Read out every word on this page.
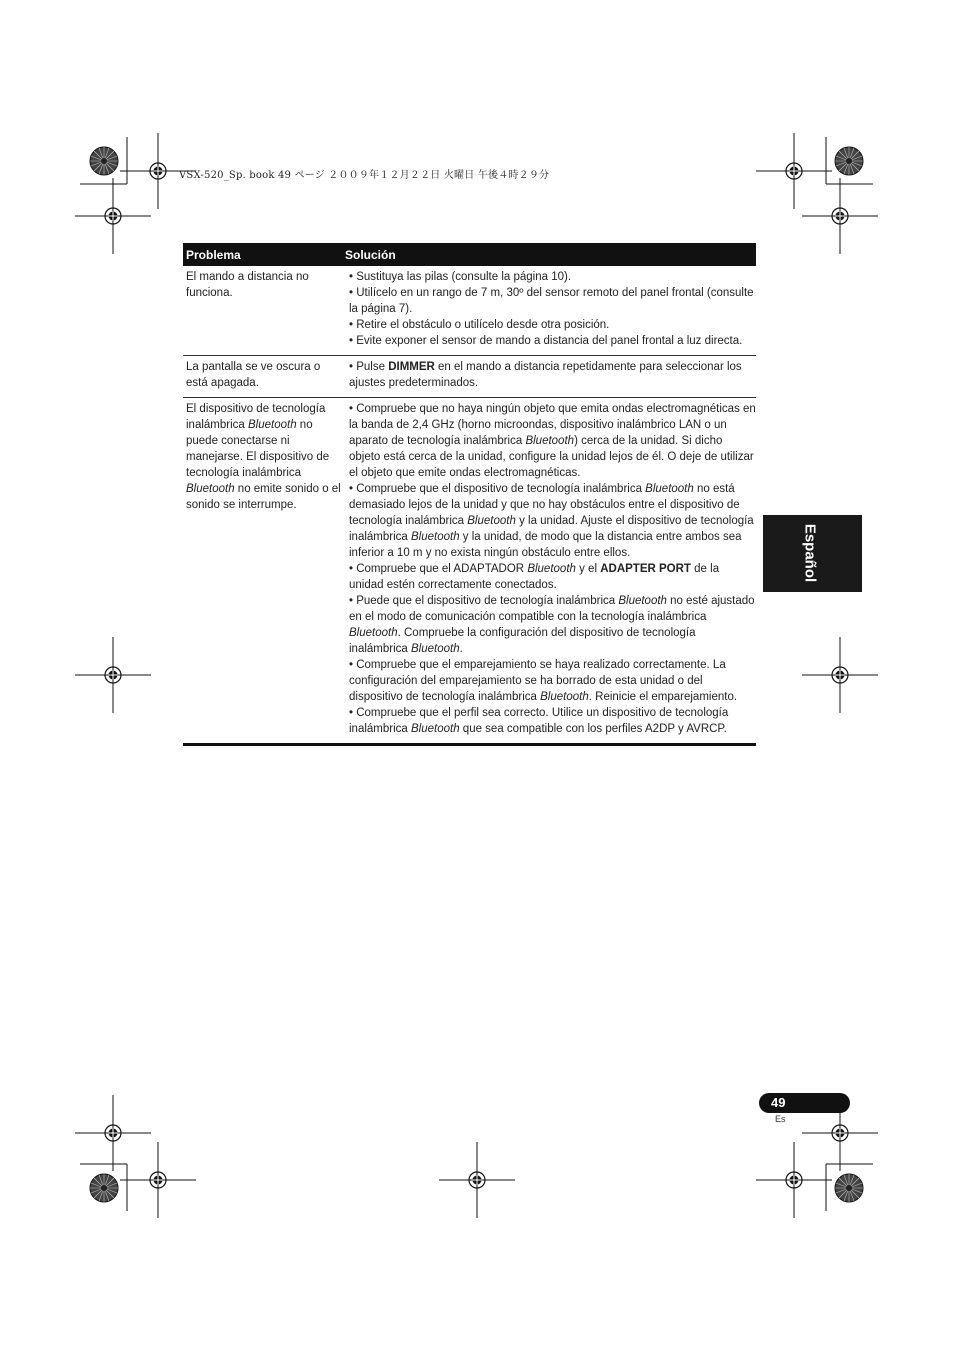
VSX-520_Sp. book 49 ページ ２００９年１２月２２日 火曜日 午後４時２９分
Problema	Solución
El mando a distancia no funciona.

• Sustituya las pilas (consulte la página 10).

• Utilícelo en un rango de 7 m, 30º del sensor remoto del panel frontal (consulte la página 7).

• Retire el obstáculo o utilícelo desde otra posición.

• Evite exponer el sensor de mando a distancia del panel frontal a luz directa.

La pantalla se ve oscura o está apagada.

• Pulse DIMMER en el mando a distancia repetidamente para seleccionar los ajustes predeterminados.

El dispositivo de tecnología inalámbrica Bluetooth no puede conectarse ni manejarse. El dispositivo de tecnología inalámbrica Bluetooth no emite sonido o el sonido se interrumpe.

• Compruebe que no haya ningún objeto que emita ondas electromagnéticas en la banda de 2,4 GHz (horno microondas, dispositivo inalámbrico LAN o un aparato de tecnología inalámbrica Bluetooth) cerca de la unidad. Si dicho objeto está cerca de la unidad, configure la unidad lejos de él. O deje de utilizar el objeto que emite ondas electromagnéticas.

• Compruebe que el dispositivo de tecnología inalámbrica Bluetooth no está demasiado lejos de la unidad y que no hay obstáculos entre el dispositivo de tecnología inalámbrica Bluetooth y la unidad. Ajuste el dispositivo de tecnología inalámbrica Bluetooth y la unidad, de modo que la distancia entre ambos sea inferior a 10 m y no exista ningún obstáculo entre ellos.

• Compruebe que el ADAPTADOR Bluetooth y el ADAPTER PORT de la unidad estén correctamente conectados.

• Puede que el dispositivo de tecnología inalámbrica Bluetooth no esté ajustado en el modo de comunicación compatible con la tecnología inalámbrica Bluetooth. Compruebe la configuración del dispositivo de tecnología inalámbrica Bluetooth.

• Compruebe que el emparejamiento se haya realizado correctamente. La configuración del emparejamiento se ha borrado de esta unidad o del dispositivo de tecnología inalámbrica Bluetooth. Reinicie el emparejamiento.

• Compruebe que el perfil sea correcto. Utilice un dispositivo de tecnología inalámbrica Bluetooth que sea compatible con los perfiles A2DP y AVRCP.

Español
49
Es
